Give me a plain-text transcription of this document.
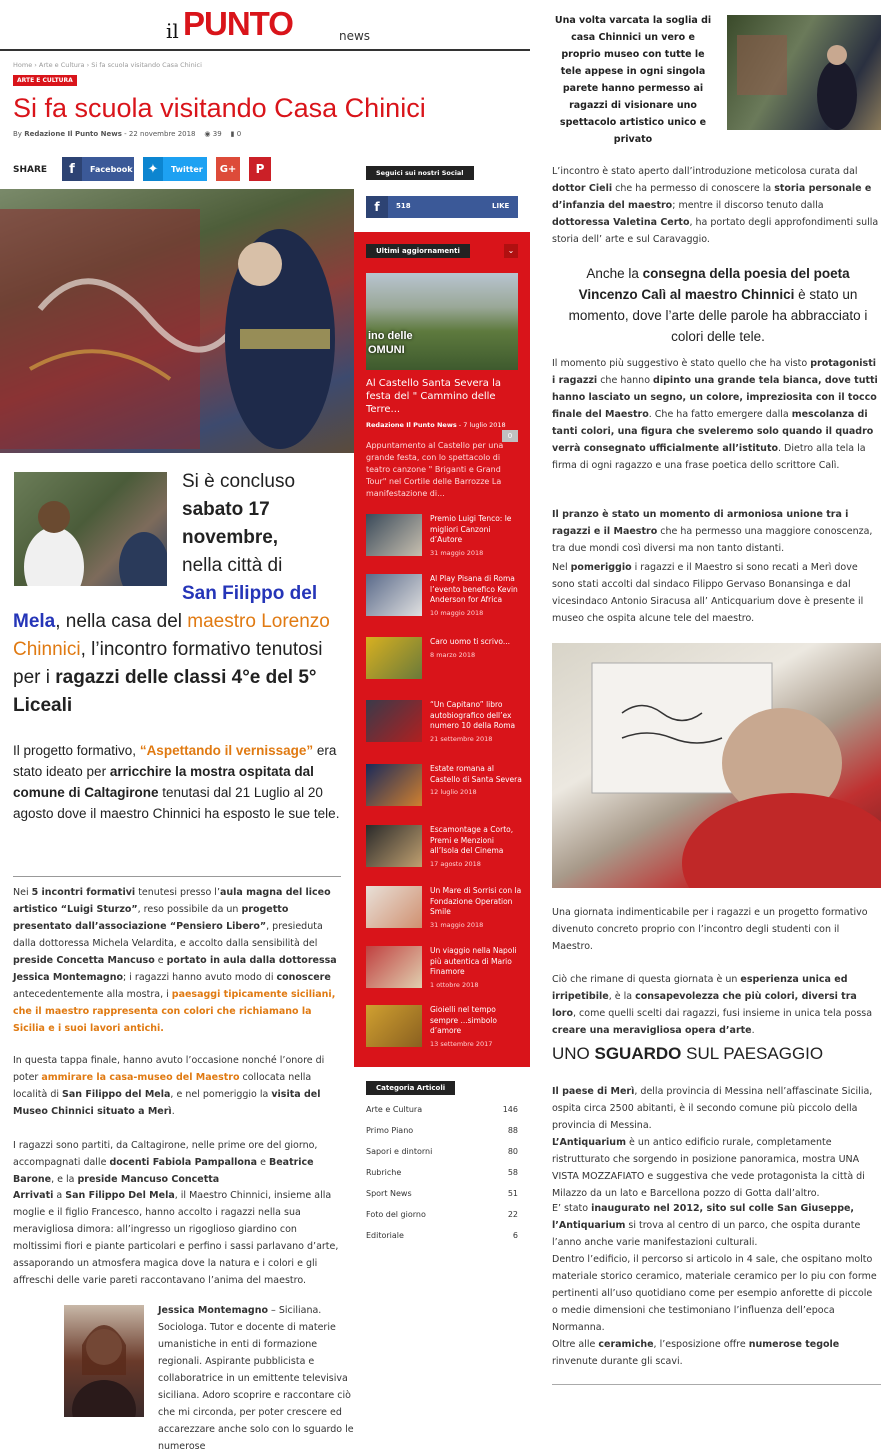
il PUNTO	news
Home › Arte e Cultura › Si fa scuola visitando Casa Chinici
ARTE E CULTURA
Si fa scuola visitando Casa Chinici
By Redazione Il Punto News - 22 novembre 2018 ◉ 39 ▮ 0
SHARE	f	Facebook	✦	Twitter G+ P
Si è concluso
sabato 17 novembre,
nella città di
San Filippo del
Mela, nella casa del maestro Lorenzo Chinnici, l’incontro formativo tenutosi per i ragazzi delle classi 4°e del 5° Liceali
Il progetto formativo, “Aspettando il vernissage” era stato ideato per arricchire la mostra ospitata dal comune di Caltagirone tenutasi dal 21 Luglio al 20 agosto dove il maestro Chinnici ha esposto le sue tele.
Nei 5 incontri formativi tenutesi presso l’aula magna del liceo artistico “Luigi Sturzo”, reso possibile da un progetto presentato dall’associazione “Pensiero Libero”, presieduta dalla dottoressa Michela Velardita, e accolto dalla sensibilità del preside Concetta Mancuso e portato in aula dalla dottoressa Jessica Montemagno; i ragazzi hanno avuto modo di conoscere antecedentemente alla mostra, i paesaggi tipicamente siciliani, che il maestro rappresenta con colori che richiamano la Sicilia e i suoi lavori antichi.
In questa tappa finale, hanno avuto l’occasione nonché l’onore di poter ammirare la casa-museo del Maestro collocata nella località di San Filippo del Mela, e nel pomeriggio la visita del Museo Chinnici situato a Merì.
I ragazzi sono partiti, da Caltagirone, nelle prime ore del giorno, accompagnati dalle docenti Fabiola Pampallona e Beatrice Barone, e la preside Mancuso Concetta
Arrivati a San Filippo Del Mela, il Maestro Chinnici, insieme alla moglie e il figlio Francesco, hanno accolto i ragazzi nella sua meravigliosa dimora: all’ingresso un rigoglioso giardino con moltissimi fiori e piante particolari e perfino i sassi parlavano d’arte, assaporando un atmosfera magica dove la natura e i colori e gli affreschi delle varie pareti raccontavano l’anima del maestro.
Jessica Montemagno – Siciliana. Sociologa. Tutor e docente di materie umanistiche in enti di formazione regionali. Aspirante pubblicista e collaboratrice in un emittente televisiva siciliana. Adoro scoprire e raccontare ciò che mi circonda, per poter crescere ed accarezzare anche solo con lo sguardo le numerose
Seguici sui nostri Social
f	518	LIKE
Ultimi aggiornamenti	⌄
ino delle
OMUNI
Al Castello Santa Severa la festa del " Cammino delle Terre...
Redazione Il Punto News - 7 luglio 2018
0
Appuntamento al Castello per una grande festa, con lo spettacolo di teatro canzone " Briganti e Grand Tour" nel Cortile delle Barrozze La manifestazione di...
Premio Luigi Tenco: le migliori Canzoni d’Autore
31 maggio 2018
Al Play Pisana di Roma l’evento benefico Kevin Anderson for Africa
10 maggio 2018
Caro uomo ti scrivo...
8 marzo 2018
“Un Capitano” libro autobiografico dell’ex numero 10 della Roma
21 settembre 2018
Estate romana al Castello di Santa Severa
12 luglio 2018
Escamontage a Corto, Premi e Menzioni all’Isola del Cinema
17 agosto 2018
Un Mare di Sorrisi con la Fondazione Operation Smile
31 maggio 2018
Un viaggio nella Napoli più autentica di Mario Finamore
1 ottobre 2018
Gioielli nel tempo sempre ...simbolo d’amore
13 settembre 2017
Categoria Articoli
Arte e Cultura	146
Primo Piano	88
Sapori e dintorni	80
Rubriche	58
Sport News	51
Foto del giorno	22
Editoriale	6
Una volta varcata la soglia di casa Chinnici un vero e proprio museo con tutte le tele appese in ogni singola parete hanno permesso ai ragazzi di visionare uno spettacolo artistico unico e privato
L’incontro è stato aperto dall’introduzione meticolosa curata dal dottor Cieli che ha permesso di conoscere la storia personale e d’infanzia del maestro; mentre il discorso tenuto dalla dottoressa Valetina Certo, ha portato degli approfondimenti sulla storia dell’ arte e sul Caravaggio.
Anche la consegna della poesia del poeta Vincenzo Calì al maestro Chinnici è stato un momento, dove l’arte delle parole ha abbracciato i colori delle tele.
Il momento più suggestivo è stato quello che ha visto protagonisti i ragazzi che hanno dipinto una grande tela bianca, dove tutti hanno lasciato un segno, un colore, impreziosita con il tocco finale del Maestro. Che ha fatto emergere dalla mescolanza di tanti colori, una figura che sveleremo solo quando il quadro verrà consegnato ufficialmente all’istituto. Dietro alla tela la firma di ogni ragazzo e una frase poetica dello scrittore Calì.
Il pranzo è stato un momento di armoniosa unione tra i ragazzi e il Maestro che ha permesso una maggiore conoscenza, tra due mondi così diversi ma non tanto distanti.
Nel pomeriggio i ragazzi e il Maestro si sono recati a Merì dove sono stati accolti dal sindaco Filippo Gervaso Bonansinga e dal vicesindaco Antonio Siracusa all’ Anticquarium dove è presente il museo che ospita alcune tele del maestro.
Una giornata indimenticabile per i ragazzi e un progetto formativo divenuto concreto proprio con l’incontro degli studenti con il Maestro.
Ciò che rimane di questa giornata è un esperienza unica ed irripetibile, è la consapevolezza che più colori, diversi tra loro, come quelli scelti dai ragazzi, fusi insieme in unica tela possa creare una meravigliosa opera d’arte.
UNO SGUARDO SUL PAESAGGIO
Il paese di Merì, della provincia di Messina nell’affascinate Sicilia, ospita circa 2500 abitanti, è il secondo comune più piccolo della provincia di Messina.
L’Antiquarium è un antico edificio rurale, completamente ristrutturato che sorgendo in posizione panoramica, mostra UNA VISTA MOZZAFIATO e suggestiva che vede protagonista la città di Milazzo da un lato e Barcellona pozzo di Gotta dall’altro.
E’ stato inaugurato nel 2012, sito sul colle San Giuseppe, l’Antiquarium si trova al centro di un parco, che ospita durante l’anno anche varie manifestazioni culturali.
Dentro l’edificio, il percorso si articolo in 4 sale, che ospitano molto materiale storico ceramico, materiale ceramico per lo piu con forme pertinenti all’uso quotidiano come per esempio anforette di piccole o medie dimensioni che testimoniano l’influenza dell’epoca Normanna.
Oltre alle ceramiche, l’esposizione offre numerose tegole rinvenute durante gli scavi.
